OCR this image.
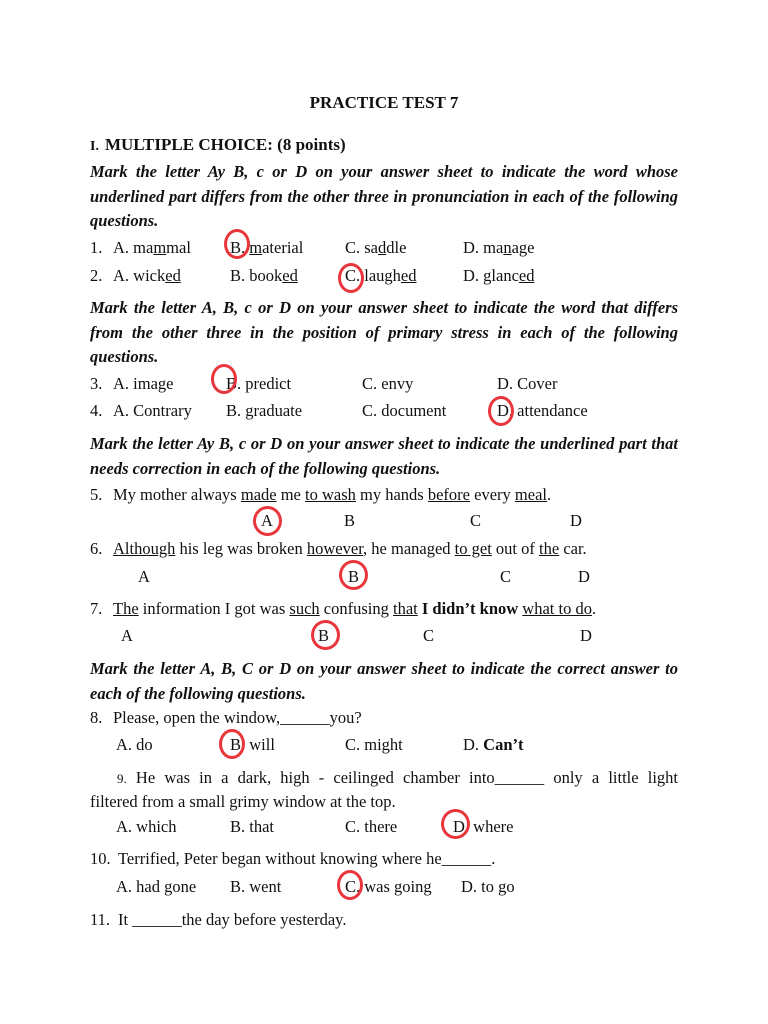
PRACTICE TEST 7
I. MULTIPLE CHOICE: (8 points)
Mark the letter Ay B, c or D on your answer sheet to indicate the word whose underlined part differs from the other three in pronunciation in each of the following questions.
1. A. mammal B. material	C. saddle	D. manage
2. A. wicked	B. booked	C. laughed	D. glanced
Mark the letter A, B, c or D on your answer sheet to indicate the word that differs from the other three in the position of primary stress in each of the following questions.
3. A. image	B. predict	C. envy	D. Cover
4. A. Contrary B. graduate	C. document	D. attendance
Mark the letter Ay B, c or D on your answer sheet to indicate the underlined part that needs correction in each of the following questions.
5. My mother always made me to wash my hands before every meal.
A	B	C	D
6. Although his leg was broken however, he managed to get out of the car.
A	B	C	D
7. The information I got was such confusing that I didn’t know what to do.
A	B	C	D
Mark the letter A, B, C or D on your answer sheet to indicate the correct answer to each of the following questions.
8. Please, open the window,______you?
A. do	B. will	C. might	D. Can’t
9. He was in a dark, high - ceilinged chamber into______ only a little light
filtered from a small grimy window at the top.
A. which	B. that	C. there	D. where
10. Terrified, Peter began without knowing where he______.
A. had gone B. went	C. was going D. to go
11. It ______the day before yesterday.
